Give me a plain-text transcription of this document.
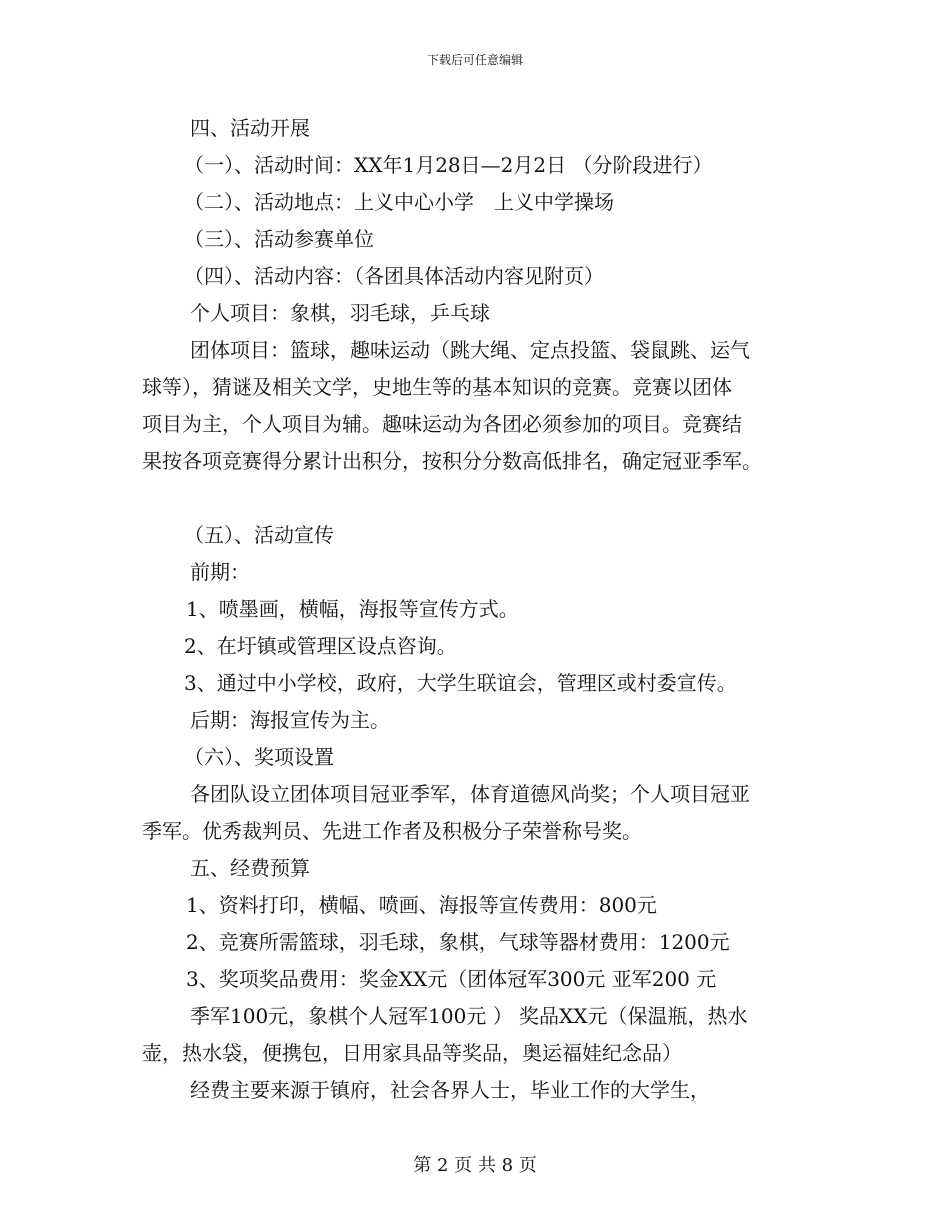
下载后可任意编辑
四、活动开展
（一）、活动时间：XX年1月28日—2月2日 （分阶段进行）
（二）、活动地点：上义中心小学　上义中学操场
（三）、活动参赛单位
（四）、活动内容：（各团具体活动内容见附页）
个人项目：象棋，羽毛球，乒乓球
团体项目：篮球，趣味运动（跳大绳、定点投篮、袋鼠跳、运气
球等），猜谜及相关文学，史地生等的基本知识的竞赛。竞赛以团体
项目为主，个人项目为辅。趣味运动为各团必须参加的项目。竞赛结
果按各项竞赛得分累计出积分，按积分分数高低排名，确定冠亚季军。
（五）、活动宣传
前期：
1、喷墨画，横幅，海报等宣传方式。
2、在圩镇或管理区设点咨询。
3、通过中小学校，政府，大学生联谊会，管理区或村委宣传。
后期：海报宣传为主。
（六）、奖项设置
各团队设立团体项目冠亚季军，体育道德风尚奖；个人项目冠亚
季军。优秀裁判员、先进工作者及积极分子荣誉称号奖。
五、经费预算
1、资料打印，横幅、喷画、海报等宣传费用：800元
2、竞赛所需篮球，羽毛球，象棋，气球等器材费用：1200元
3、奖项奖品费用：奖金XX元（团体冠军300元 亚军200 元
季军100元，象棋个人冠军100元 ） 奖品XX元（保温瓶，热水
壶，热水袋，便携包，日用家具品等奖品，奥运福娃纪念品）
经费主要来源于镇府，社会各界人士，毕业工作的大学生，
第 2 页 共 8 页
